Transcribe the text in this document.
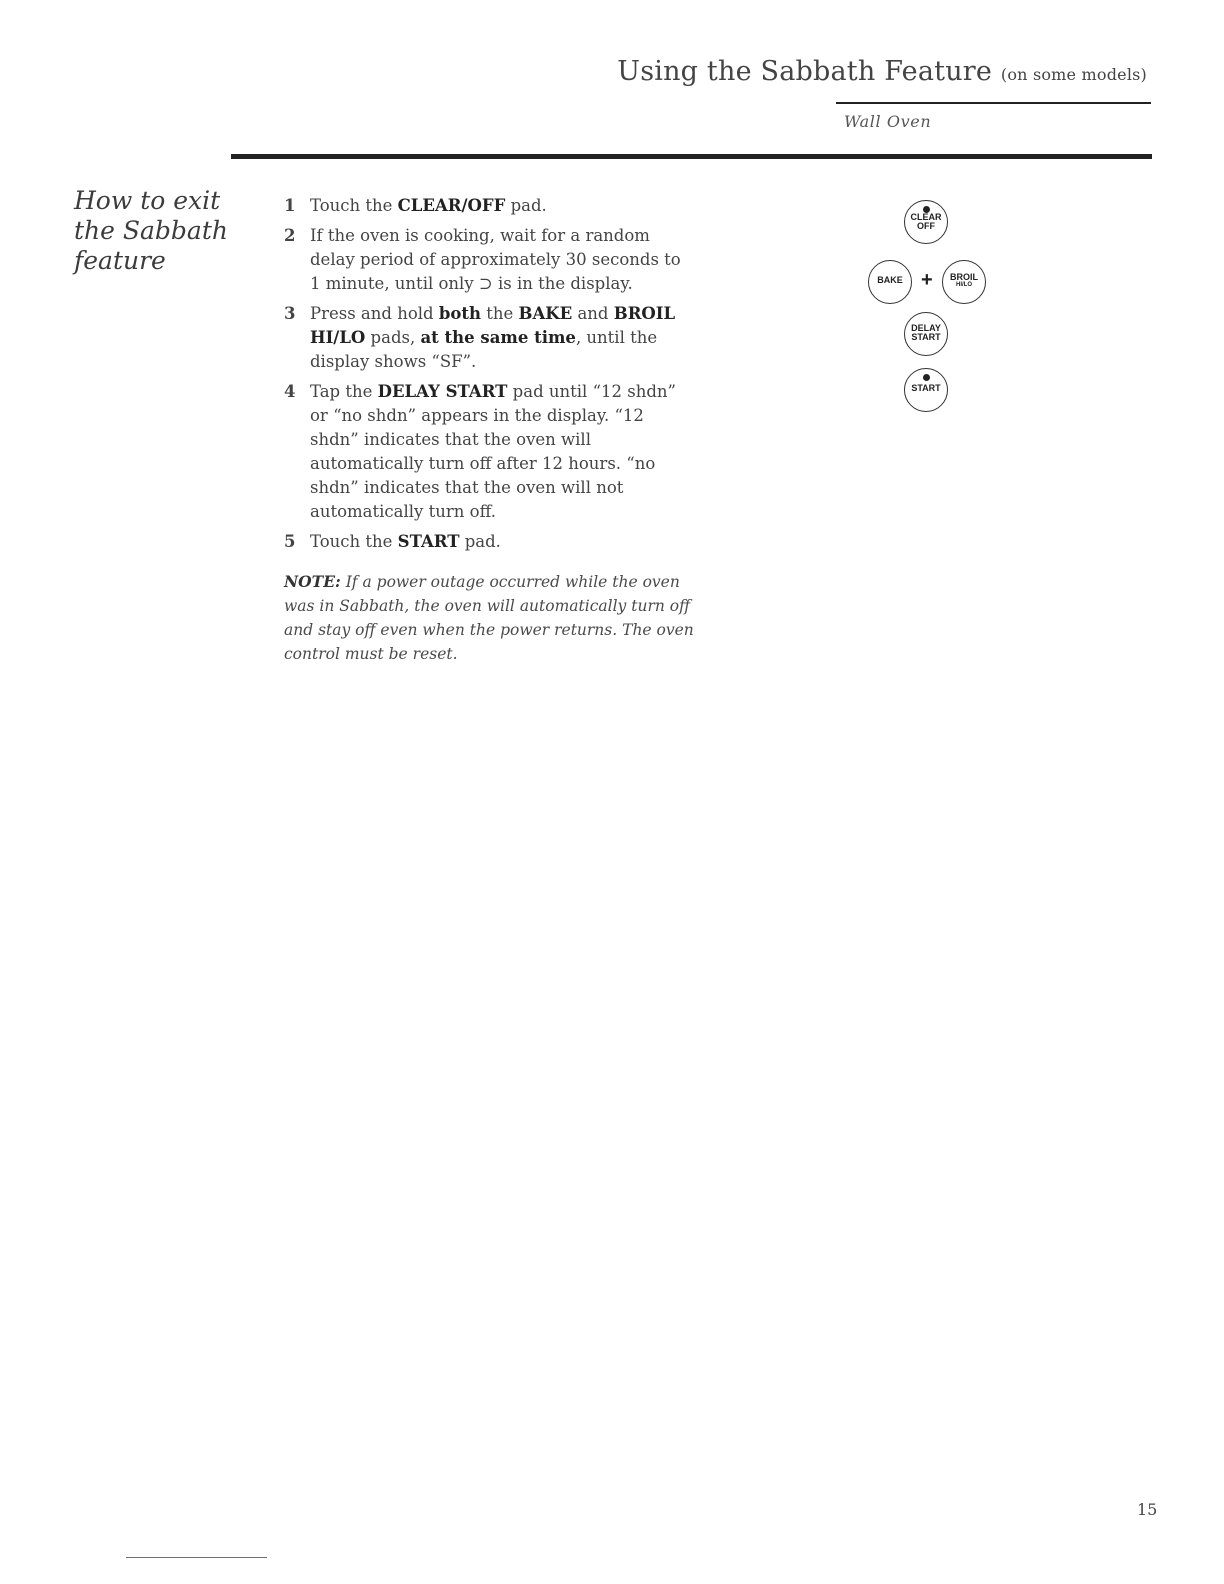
Using the Sabbath Feature (on some models)
Wall Oven
How to exit
the Sabbath
feature
1 Touch the CLEAR/OFF pad.
2 If the oven is cooking, wait for a random delay period of approximately 30 seconds to 1 minute, until only ⊃ is in the display.
3 Press and hold both the BAKE and BROIL HI/LO pads, at the same time, until the display shows “SF”.
4 Tap the DELAY START pad until “12 shdn” or “no shdn” appears in the display. “12 shdn” indicates that the oven will automatically turn off after 12 hours. “no shdn” indicates that the oven will not automatically turn off.
5 Touch the START pad.
NOTE: If a power outage occurred while the oven was in Sabbath, the oven will automatically turn off and stay off even when the power returns. The oven control must be reset.
CLEAR
OFF
BAKE +	BROIL
HI/LO
DELAY
START
START
15
